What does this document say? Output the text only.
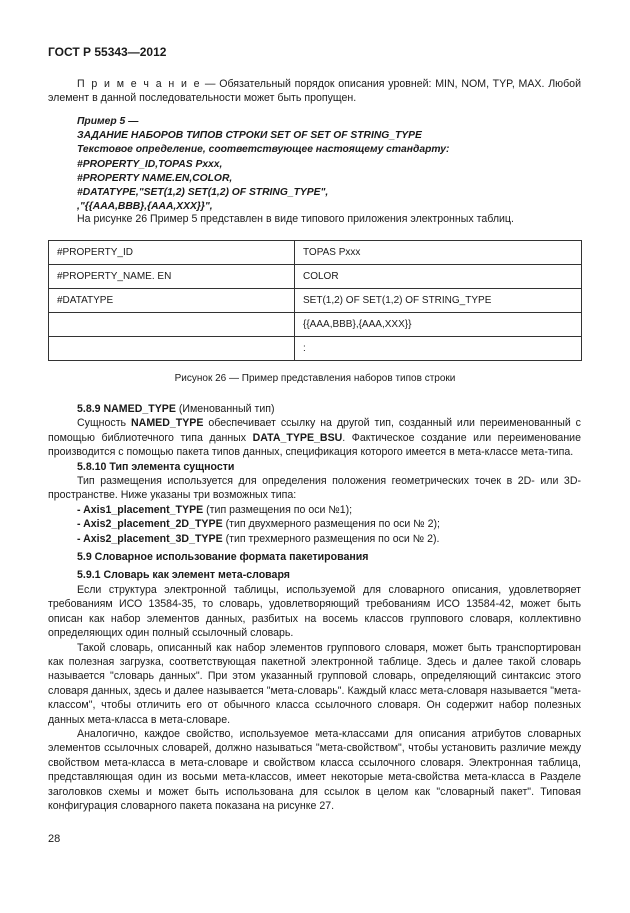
ГОСТ Р 55343—2012

П р и м е ч а н и е — Обязательный порядок описания уровней: MIN, NOM, TYP, MAX. Любой элемент в данной последовательности может быть пропущен.

Пример 5 —
ЗАДАНИЕ НАБОРОВ ТИПОВ СТРОКИ SET OF SET OF STRING_TYPE
Текстовое определение, соответствующее настоящему стандарту:
#PROPERTY_ID,TOPAS Pxxx,
#PROPERTY NAME.EN,COLOR,
#DATATYPE,"SET(1,2) SET(1,2) OF STRING_TYPE",
,"{{AAA,BBB},{AAA,XXX}}",
На рисунке 26 Пример 5 представлен в виде типового приложения электронных таблиц.
#PROPERTY_ID	TOPAS Pxxx
#PROPERTY_NAME. EN	COLOR
#DATATYPE	SET(1,2) OF SET(1,2) OF STRING_TYPE
	{{AAA,BBB},{AAA,XXX}}
	:
Рисунок 26 — Пример представления наборов типов строки

5.8.9 NAMED_TYPE (Именованный тип)

Сущность NAMED_TYPE обеспечивает ссылку на другой тип, созданный или переименованный с помощью библиотечного типа данных DATA_TYPE_BSU. Фактическое создание или переименование производится с помощью пакета типов данных, спецификация которого имеется в мета-классе мета-типа.

5.8.10 Тип элемента сущности

Тип размещения используется для определения положения геометрических точек в 2D- или 3D-пространстве. Ниже указаны три возможных типа:

- Axis1_placement_TYPE (тип размещения по оси №1);

- Axis2_placement_2D_TYPE (тип двухмерного размещения по оси № 2);

- Axis2_placement_3D_TYPE (тип трехмерного размещения по оси № 2).

5.9 Словарное использование формата пакетирования

5.9.1 Словарь как элемент мета-словаря

Если структура электронной таблицы, используемой для словарного описания, удовлетворяет требованиям ИСО 13584-35, то словарь, удовлетворяющий требованиям ИСО 13584-42, может быть описан как набор элементов данных, разбитых на восемь классов группового словаря, коллективно определяющих один полный ссылочный словарь.

Такой словарь, описанный как набор элементов группового словаря, может быть транспортирован как полезная загрузка, соответствующая пакетной электронной таблице. Здесь и далее такой словарь называется "словарь данных". При этом указанный групповой словарь, определяющий синтаксис этого словаря данных, здесь и далее называется "мета-словарь". Каждый класс мета-словаря называется "мета-классом", чтобы отличить его от обычного класса ссылочного словаря. Он содержит набор полезных данных мета-класса в мета-словаре.

Аналогично, каждое свойство, используемое мета-классами для описания атрибутов словарных элементов ссылочных словарей, должно называться "мета-свойством", чтобы установить различие между свойством мета-класса в мета-словаре и свойством класса ссылочного словаря. Электронная таблица, представляющая один из восьми мета-классов, имеет некоторые мета-свойства мета-класса в Разделе заголовков схемы и может быть использована для ссылок в целом как "словарный пакет". Типовая конфигурация словарного пакета показана на рисунке 27.

28
